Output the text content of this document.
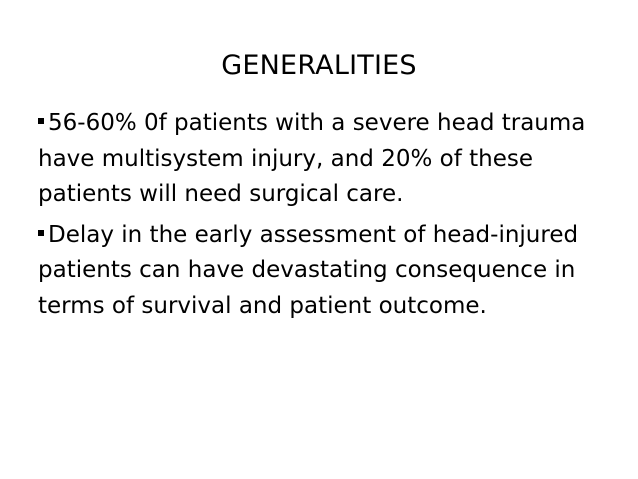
GENERALITIES
56-60% 0f patients with a severe head trauma have multisystem injury, and 20% of these patients will need surgical care.
Delay in the early assessment of head-injured patients can have devastating consequence in terms of survival and patient outcome.
